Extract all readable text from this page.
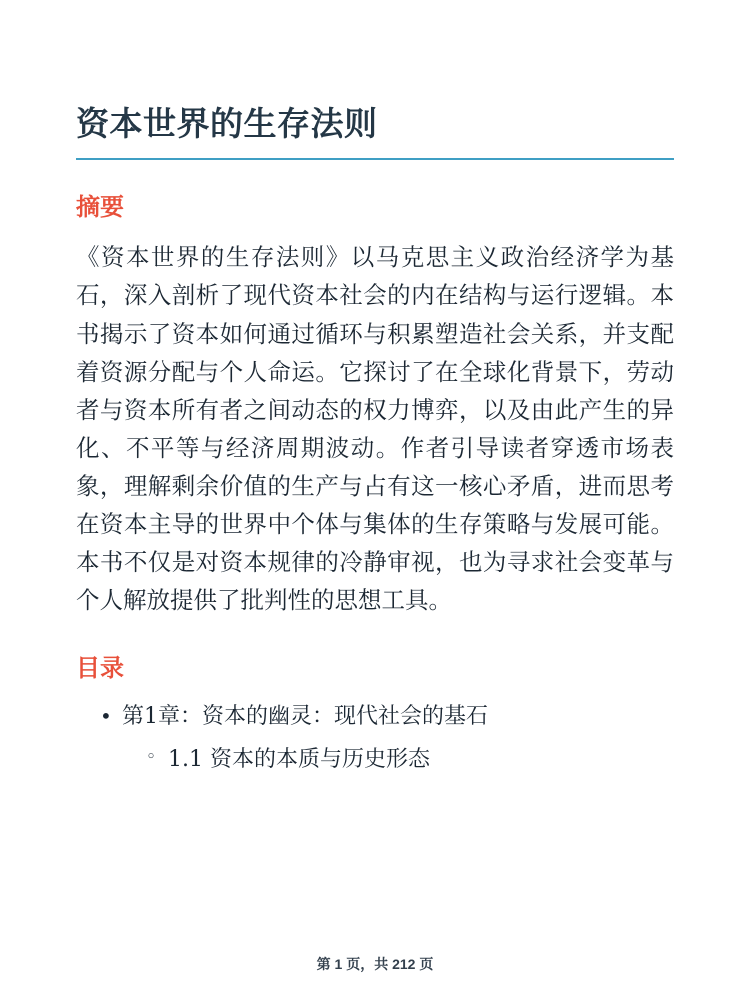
资本世界的生存法则
摘要

《资本世界的生存法则》以马克思主义政治经济学为基石，深入剖析了现代资本社会的内在结构与运行逻辑。本书揭示了资本如何通过循环与积累塑造社会关系，并支配着资源分配与个人命运。它探讨了在全球化背景下，劳动者与资本所有者之间动态的权力博弈，以及由此产生的异化、不平等与经济周期波动。作者引导读者穿透市场表象，理解剩余价值的生产与占有这一核心矛盾，进而思考在资本主导的世界中个体与集体的生存策略与发展可能。本书不仅是对资本规律的冷静审视，也为寻求社会变革与个人解放提供了批判性的思想工具。

目录
• 第1章：资本的幽灵：现代社会的基石
◦ 1.1 资本的本质与历史形态
第 1 页，共 212 页
